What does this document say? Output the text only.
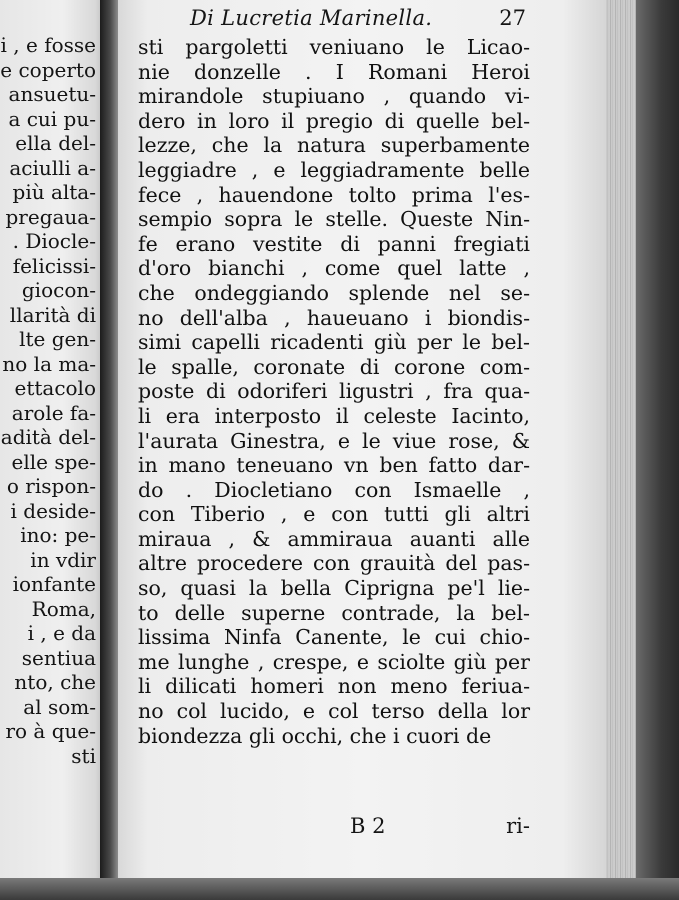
i , e fosse
e coperto
ansuetu-
a cui pu-
ella del-
aciulli a-
più alta-
pregaua-
. Diocle-
felicissi-
giocon-
llarità di
lte gen-
no la ma-
ettacolo
arole fa-
adità del-
elle spe-
o rispon-
i deside-
ino: pe-
in vdir
ionfante
Roma,
i , e da
sentiua
nto, che
al som-
ro à que-
sti
Di Lucretia Marinella.	27
sti pargoletti veniuano le Licao-
nie donzelle . I Romani Heroi
mirandole stupiuano , quando vi-
dero in loro il pregio di quelle bel-
lezze, che la natura superbamente
leggiadre , e leggiadramente belle
fece , hauendone tolto prima l'es-
sempio sopra le stelle. Queste Nin-
fe erano vestite di panni fregiati
d'oro bianchi , come quel latte ,
che ondeggiando splende nel se-
no dell'alba , haueuano i biondis-
simi capelli ricadenti giù per le bel-
le spalle, coronate di corone com-
poste di odoriferi ligustri , fra qua-
li era interposto il celeste Iacinto,
l'aurata Ginestra, e le viue rose, &
in mano teneuano vn ben fatto dar-
do . Diocletiano con Ismaelle ,
con Tiberio , e con tutti gli altri
miraua , & ammiraua auanti alle
altre procedere con grauità del pas-
so, quasi la bella Ciprigna pe'l lie-
to delle superne contrade, la bel-
lissima Ninfa Canente, le cui chio-
me lunghe , crespe, e sciolte giù per
li dilicati homeri non meno feriua-
no col lucido, e col terso della lor
biondezza gli occhi, che i cuori de
B 2	ri-
